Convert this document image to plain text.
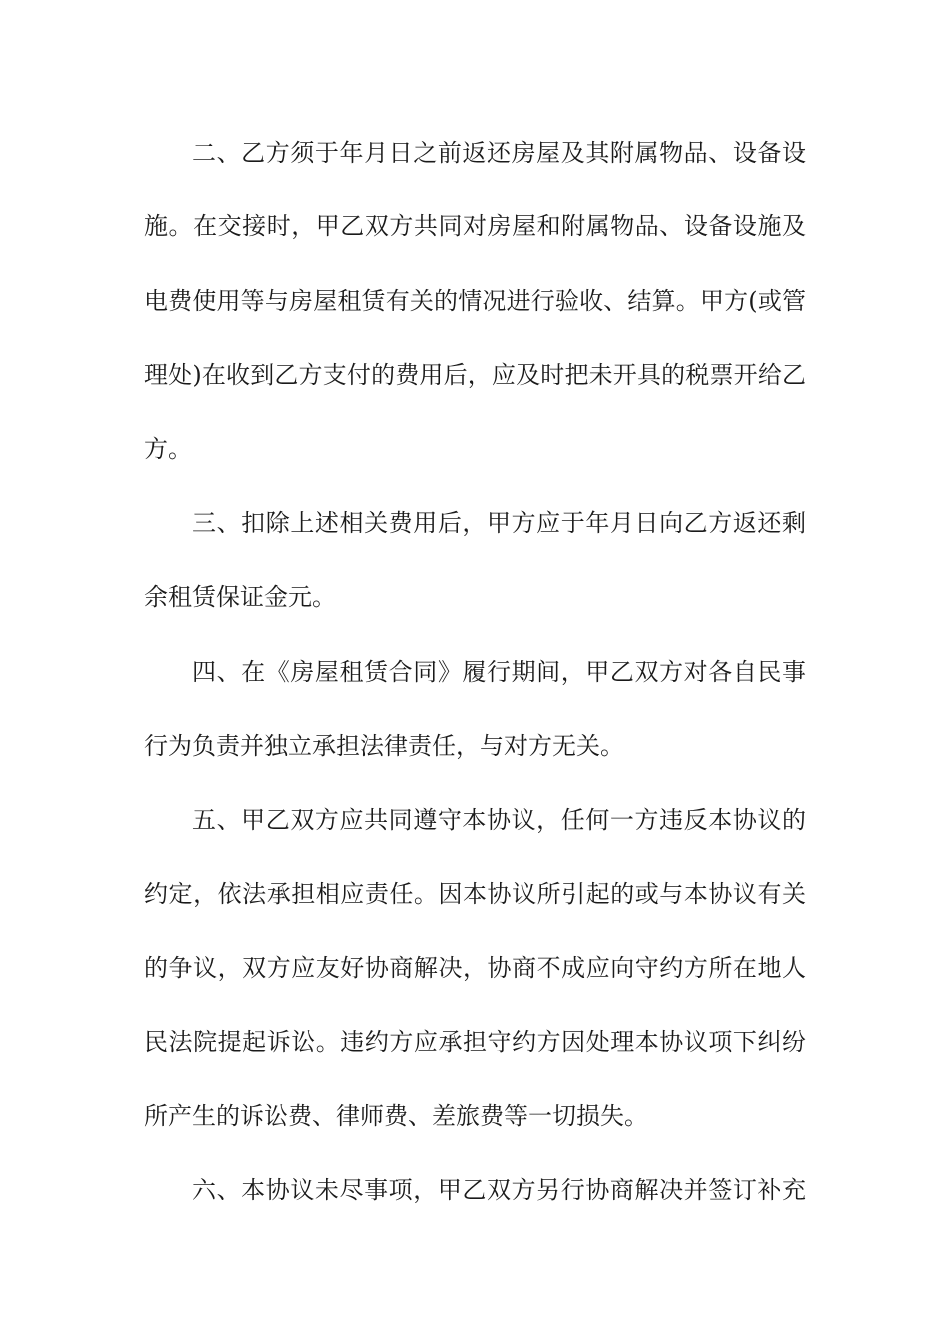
二、乙方须于年月日之前返还房屋及其附属物品、设备设
施。在交接时，甲乙双方共同对房屋和附属物品、设备设施及
电费使用等与房屋租赁有关的情况进行验收、结算。甲方(或管
理处)在收到乙方支付的费用后，应及时把未开具的税票开给乙
方。
三、扣除上述相关费用后，甲方应于年月日向乙方返还剩
余租赁保证金元。
四、在《房屋租赁合同》履行期间，甲乙双方对各自民事
行为负责并独立承担法律责任，与对方无关。
五、甲乙双方应共同遵守本协议，任何一方违反本协议的
约定，依法承担相应责任。因本协议所引起的或与本协议有关
的争议，双方应友好协商解决，协商不成应向守约方所在地人
民法院提起诉讼。违约方应承担守约方因处理本协议项下纠纷
所产生的诉讼费、律师费、差旅费等一切损失。
六、本协议未尽事项，甲乙双方另行协商解决并签订补充
